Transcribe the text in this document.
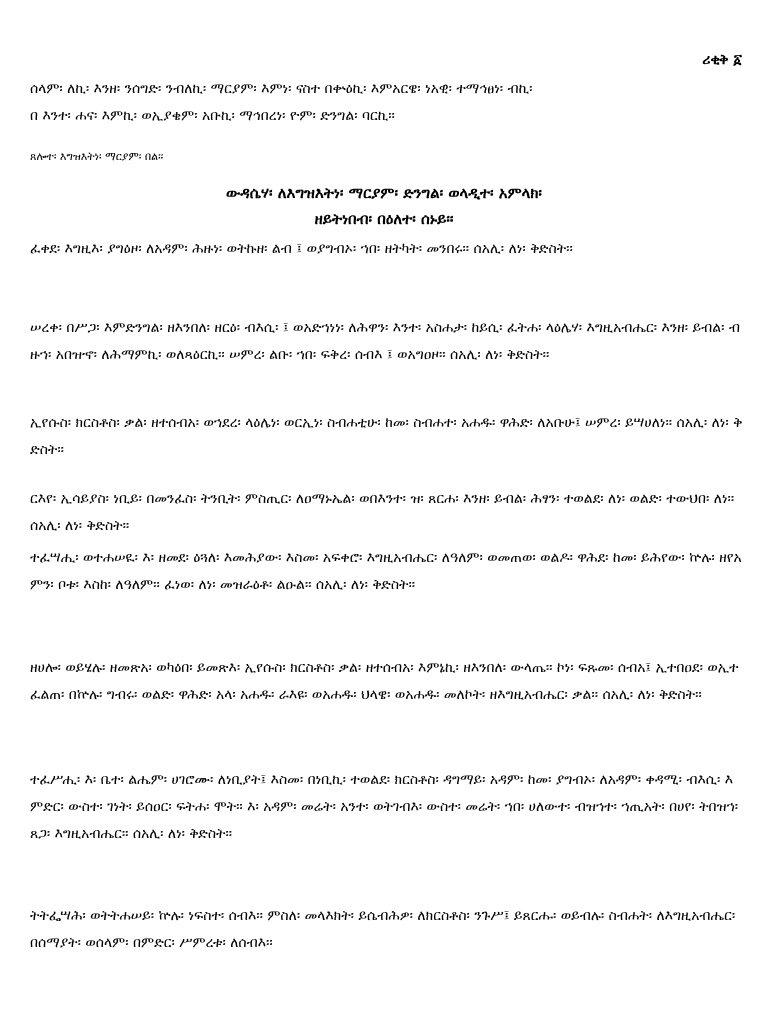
ሪቂቅ ፩
ሰላም፡ ለኪ፡ እንዘ፡ ንሰግድ፡ ንብለኪ፡ ማርያም፡ እምነ፡ ናስተ በቍዕኪ፡ እምአርዌ፡ ነአዊ፡ ተማኅፀነ፡ ብኪ፡
በ እንተ፡ ሐና፡ እምኪ፡ ወኢያቄም፡ አቡኪ፡ ማኅበረነ፡ ዮም፡ ድንግል፡ ባርኪ፡፡
ጸሎተ፡ እግዝእትነ፡ ማርያም፡ በል፡፡
ውዳሴሃ፡ ለእግዝእትነ፡ ማርያም፡ ድንግል፡ ወላዲተ፡ አምላክ፡
ዘይትነበብ፡ በዕለተ፡ ሰኑይ፡፡
ፈቀደ፡ እግዚእ፡ ያግዕዞ፡ ለአዳም፡ ሕዙነ፡ ወትኩዘ፡ ልብ ፤ ወያግብኦ፡ ኀበ፡ ዘትካት፡ መንበሩ፡፡ ሰአሊ፡ ለነ፡ ቅድስት፡፡
ሠረቀ፡ በሥጋ፡ እምድንግል፡ ዘእንበለ፡ ዘርዕ፡ ብእሲ፡ ፤ ወአድኀነነ፡ ለሕዋን፡ እንተ፡ አስሐታ፡ ከይሲ፡ ፈትሐ፡ ላዕሌሃ፡ እግዚአብሔር፡ እንዘ፡ ይብል፡ ብዙኀ፡ አበዝኆ፡ ለሕማምኪ፡ ወለጻዕርኪ፡፡ ሠምረ፡ ልቡ፡ ኀበ፡ ፍቅረ፡ ሰብእ ፤ ወአግዐዞ፡፡ ሰአሊ፡ ለነ፡ ቅድስት፡፡
ኢየሱስ፡ ክርስቶስ፡ ቃል፡ ዘተሰብአ፡ ወኀደረ፡ ላዕሌነ፡ ወርኢነ፡ ስብሐቲሁ፡ ከመ፡ ስብሐተ፡ አሐዱ፡ ዋሕድ፡ ለአቡሁ፤ ሠምረ፡ ይሣሀለነ፡፡ ሰአሊ፡ ለነ፡ ቅድስት፡፡
ርእየ፡ ኢሳይያስ፡ ነቢይ፡ በመንፈስ፡ ትንቢት፡ ምስጢር፡ ለዐማኑኤል፡ ወበእንተ፡ ዝ፡ ጸርሐ፡ እንዘ፡ ይብል፡ ሕፃን፡ ተወልደ፡ ለነ፡ ወልድ፡ ተውህበ፡ ለነ፡፡ ሰአሊ፡ ለነ፡ ቅድስት፡፡
ተፈሣሒ፡ ወተሐሠዪ፡ እ፡ ዘመደ፡ ዕጓለ፡ እመሕያው፡ እስመ፡ አፍቀሮ፡ እግዚአብሔር፡ ለዓለም፡ ወመጠወ፡ ወልዶ፡ ዋሕደ፡ ከመ፡ ይሕየው፡ ኵሉ፡ ዘየአምን፡ ቦቱ፡ እስከ፡ ለዓለም፡፡ ፈነወ፡ ለነ፡ መዝራዕቶ፡ ልዑል፡፡ ሰአሊ፡ ለነ፡ ቅድስት፡፡
ዘሀሎ፡ ወይሄሉ፡ ዘመጽአ፡ ወካዕበ፡ ይመጽእ፡ ኢየሱስ፡ ክርስቶስ፡ ቃል፡ ዘተሰብአ፡ እምኔኪ፡ ዘእንበለ፡ ውላጤ፡፡ ኮነ፡ ፍጹመ፡ ሰብአ፤ ኢተበዐደ፡ ወኢተፈልጠ፡ በኵሉ፡ ግብሩ፡ ወልድ፡ ዋሕድ፡ አላ፡ አሐዱ፡ ራእዩ፡ ወአሐዱ፡ ህላዌ፡ ወአሐዱ፡ መለኮት፡ ዘእግዚአብሔር፡ ቃል፡፡ ሰአሊ፡ ለነ፡ ቅድስት፡፡
ተፈሥሒ፡ እ፡ ቤተ፡ ልሔም፡ ሀገሮሙ፡ ለነቢያት፤ እስመ፡ በነቢኪ፡ ተወልደ፡ ክርስቶስ፡ ዳግማይ፡ አዳም፡ ከመ፡ ያግብኦ፡ ለአዳም፡ ቀዳሚ፡ ብእሲ፡ እምድር፡ ውስተ፡ ገነት፡ ይሰዐር፡ ፍትሐ፡ ሞት፡፡ እ፡ አዳም፡ መሬት፡ አንተ፡ ወትገብእ፡ ውስተ፡ መሬት፡ ኀበ፡ ሀለውተ፡ ብዝኀተ፡ ኀጢአት፡ በሀየ፡ ትበዝኀ፡ ጸጋ፡ እግዚአብሔር፡፡ ሰአሊ፡ ለነ፡ ቅድስት፡፡
ትትፌሣሕ፡ ወትትሐሠይ፡ ኵሉ፡ ነፍስተ፡ ሰብእ፡፡ ምስለ፡ መላእክት፡ ይሴብሕዎ፡ ለክርስቶስ፡ ንጉሥ፤ ይጸርሑ፡ ወይብሉ፡ ስብሐት፡ ለእግዚአብሔር፡ በሰማያት፡ ወሰላም፡ በምድር፡ ሥምረቱ፡ ለሰብእ፡፡
